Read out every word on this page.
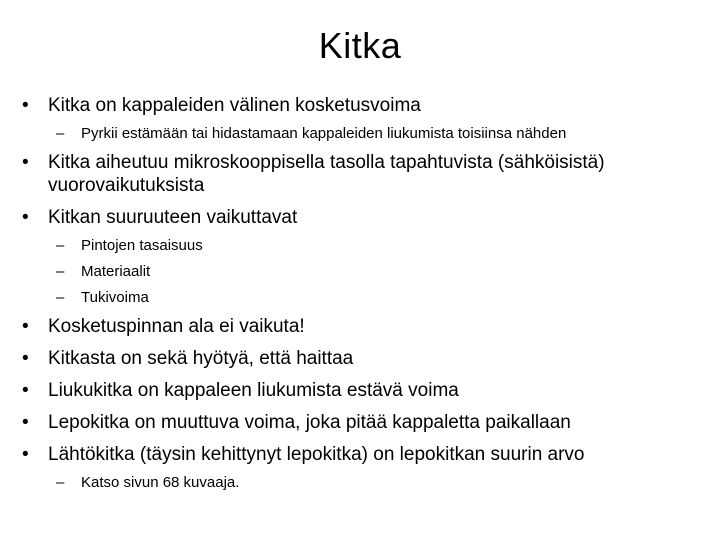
Kitka
•	Kitka on kappaleiden välinen kosketusvoima
– Pyrkii estämään tai hidastamaan kappaleiden liukumista toisiinsa nähden
•	Kitka aiheutuu mikroskooppisella tasolla tapahtuvista (sähköisistä) vuorovaikutuksista
•	Kitkan suuruuteen vaikuttavat
– Pintojen tasaisuus
– Materiaalit
– Tukivoima
•	Kosketuspinnan ala ei vaikuta!
•	Kitkasta on sekä hyötyä, että haittaa
•	Liukukitka on kappaleen liukumista estävä voima
•	Lepokitka on muuttuva voima, joka pitää kappaletta paikallaan
•	Lähtökitka (täysin kehittynyt lepokitka) on lepokitkan suurin arvo
– Katso sivun 68 kuvaaja.
